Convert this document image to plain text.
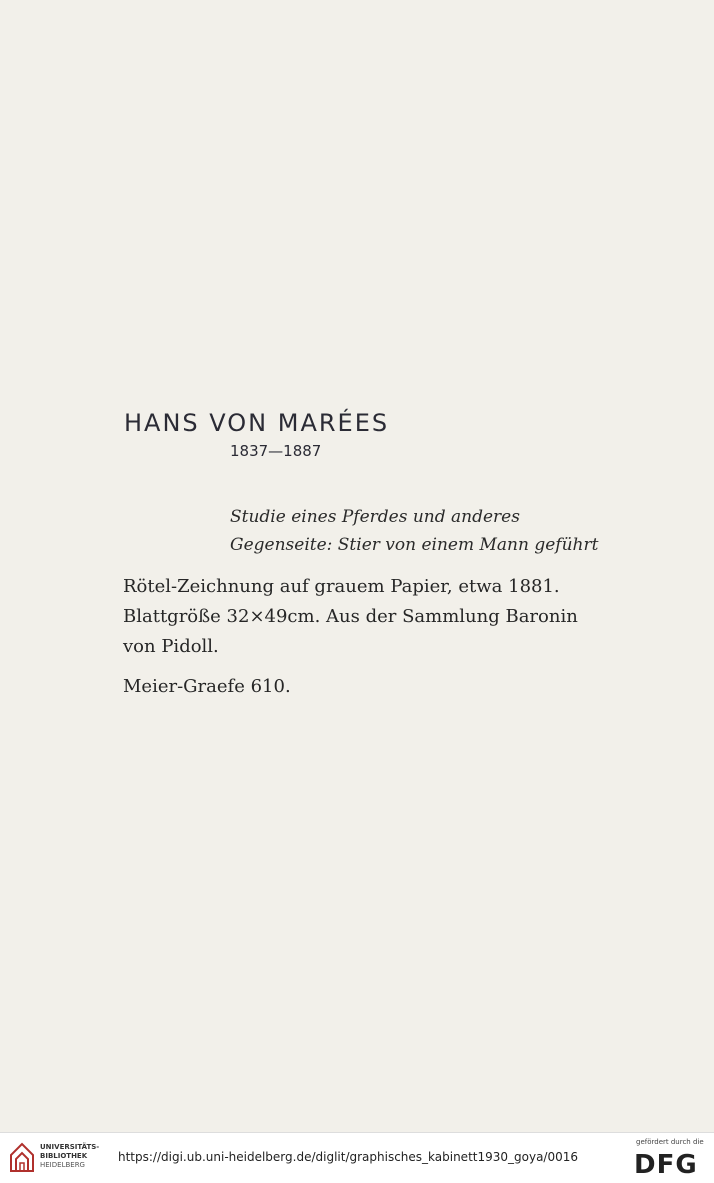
HANS VON MARÉES
1837—1887
Studie eines Pferdes und anderes
Gegenseite: Stier von einem Mann geführt
Rötel-Zeichnung auf grauem Papier, etwa 1881.
Blattgröße 32×49cm. Aus der Sammlung Baronin
von Pidoll.
Meier-Graefe 610.
UNIVERSITÄTS-
BIBLIOTHEK
HEIDELBERG
https://digi.ub.uni-heidelberg.de/diglit/graphisches_kabinett1930_goya/0016
gefördert durch die
DFG
